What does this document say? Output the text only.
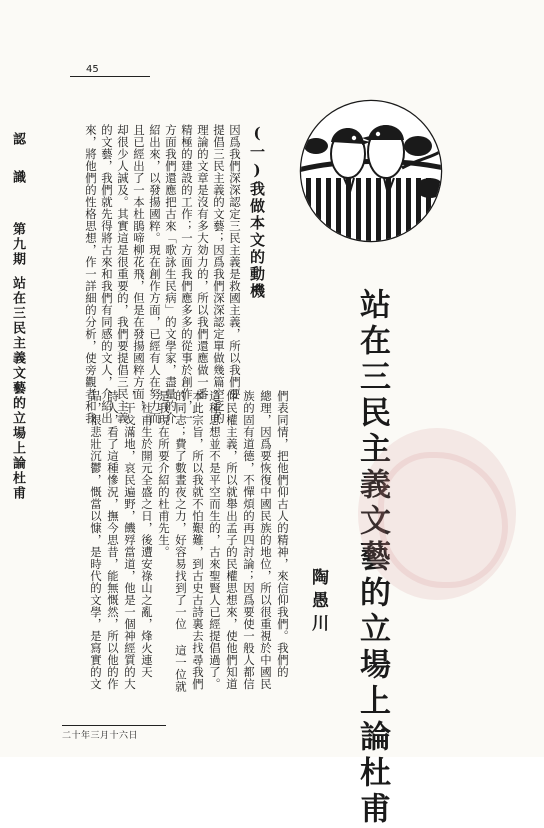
45
認
識
第九期
站在三民主義文藝的立場上論杜甫
(一)我做本文的動機
因爲我們深深認定三民主義是救國主義，所以我們要
提倡三民主義的文藝；因爲我們深深認定單做幾篇空泛的
理論的文章是沒有多大効力的，所以我們還應做一番
精極的建設的工作；一方面我們應多多的從事於創作，一
方面我們還應把古來「歌詠生民病」的文學家，盡量的介
紹出來，以發揚國粹。現在創作方面，已經有人在努力而
且已經出了一本杜鵑啼柳花飛，但是在發揚國粹方面，
却很少人誠及。其實這是很重要的，我們要提倡三民主義
的文藝，我們就先得將古來和我們有同感的文人，介紹出
來，將他們的性格思想，作一詳細的分析，使旁觀者和我
站在三民主義文藝的立場上論杜甫
陶愚川
們表同情，把他們仰古人的精神，來信仰我們。我們的
總理，因爲要恢復中國民族的地位，所以很重視於中國民
族的固有道德，不憚煩的再四討論；因爲要使一般人都信
仰民權主義，所以就舉出孟子的民權思想來，使他們知道
這種思想並不是平空而生的，古來聖賢人已經提倡過了。
本此宗旨，所以我就不怕艱難，到古史古詩裏去找尋我們
的同志；費了數晝夜之力，好容易找到了一位 這一位就
是我現在所要介紹的杜甫先生。
杜甫生於開元全盛之日，後遭安祿山之亂，烽火連天
，干戈滿地，哀民遍野，饑殍當道，他是一個神經質的大
詩人，看了這種慘況，撫今思昔，能無慨然，所以他的作
品，很悲壯沉鬱，慨當以慷，是時代的文學，是寫實的文
二十年三月十六日
